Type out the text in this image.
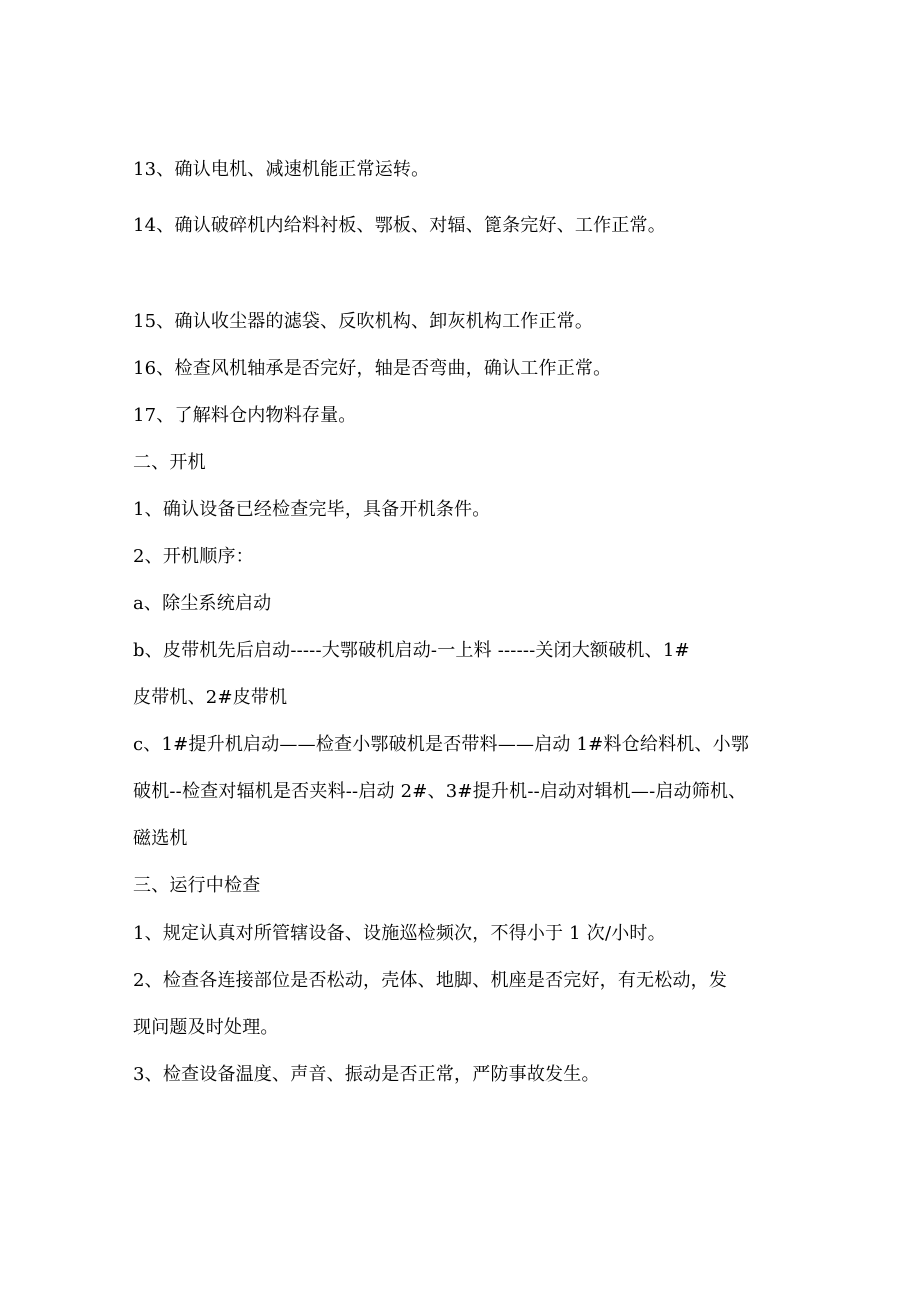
13、确认电机、减速机能正常运转。
14、确认破碎机内给料衬板、鄂板、对辐、篦条完好、工作正常。
15、确认收尘器的滤袋、反吹机构、卸灰机构工作正常。
16、检查风机轴承是否完好，轴是否弯曲，确认工作正常。
17、了解料仓内物料存量。
二、开机
1、确认设备已经检查完毕，具备开机条件。
2、开机顺序：
a、除尘系统启动
b、皮带机先后启动-----大鄂破机启动-一上料 ------关闭大额破机、1#
皮带机、2#皮带机
c、1#提升机启动——检查小鄂破机是否带料——启动 1#料仓给料机、小鄂
破机--检查对辐机是否夹料--启动 2#、3#提升机--启动对辑机—-启动筛机、
磁选机
三、运行中检查
1、规定认真对所管辖设备、设施巡检频次，不得小于 1 次/小时。
2、检查各连接部位是否松动，壳体、地脚、机座是否完好，有无松动，发
现问题及时处理。
3、检查设备温度、声音、振动是否正常，严防事故发生。
